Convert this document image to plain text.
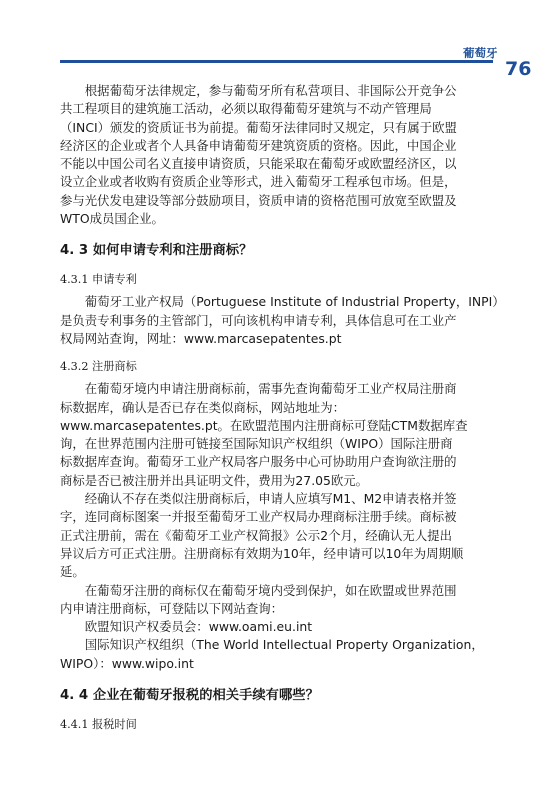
葡萄牙
76

根据葡萄牙法律规定，参与葡萄牙所有私营项目、非国际公开竞争公
共工程项目的建筑施工活动，必须以取得葡萄牙建筑与不动产管理局
（INCI）颁发的资质证书为前提。葡萄牙法律同时又规定，只有属于欧盟
经济区的企业或者个人具备申请葡萄牙建筑资质的资格。因此，中国企业
不能以中国公司名义直接申请资质，只能采取在葡萄牙或欧盟经济区，以
设立企业或者收购有资质企业等形式，进入葡萄牙工程承包市场。但是，
参与光伏发电建设等部分鼓励项目，资质申请的资格范围可放宽至欧盟及
WTO成员国企业。

4. 3 如何申请专利和注册商标？
4.3.1 申请专利

葡萄牙工业产权局（Portuguese Institute of Industrial Property，INPI）
是负责专利事务的主管部门，可向该机构申请专利，具体信息可在工业产
权局网站查询，网址：www.marcasepatentes.pt

4.3.2 注册商标

在葡萄牙境内申请注册商标前，需事先查询葡萄牙工业产权局注册商
标数据库，确认是否已存在类似商标，网站地址为：
www.marcasepatentes.pt。在欧盟范围内注册商标可登陆CTM数据库查
询，在世界范围内注册可链接至国际知识产权组织（WIPO）国际注册商
标数据库查询。葡萄牙工业产权局客户服务中心可协助用户查询欲注册的
商标是否已被注册并出具证明文件，费用为27.05欧元。

经确认不存在类似注册商标后，申请人应填写M1、M2申请表格并签
字，连同商标图案一并报至葡萄牙工业产权局办理商标注册手续。商标被
正式注册前，需在《葡萄牙工业产权简报》公示2个月，经确认无人提出
异议后方可正式注册。注册商标有效期为10年，经申请可以10年为周期顺
延。

在葡萄牙注册的商标仅在葡萄牙境内受到保护，如在欧盟或世界范围
内申请注册商标，可登陆以下网站查询：

欧盟知识产权委员会：www.oami.eu.int

国际知识产权组织（The World Intellectual Property Organization，
WIPO）：www.wipo.int

4. 4 企业在葡萄牙报税的相关手续有哪些？
4.4.1 报税时间
